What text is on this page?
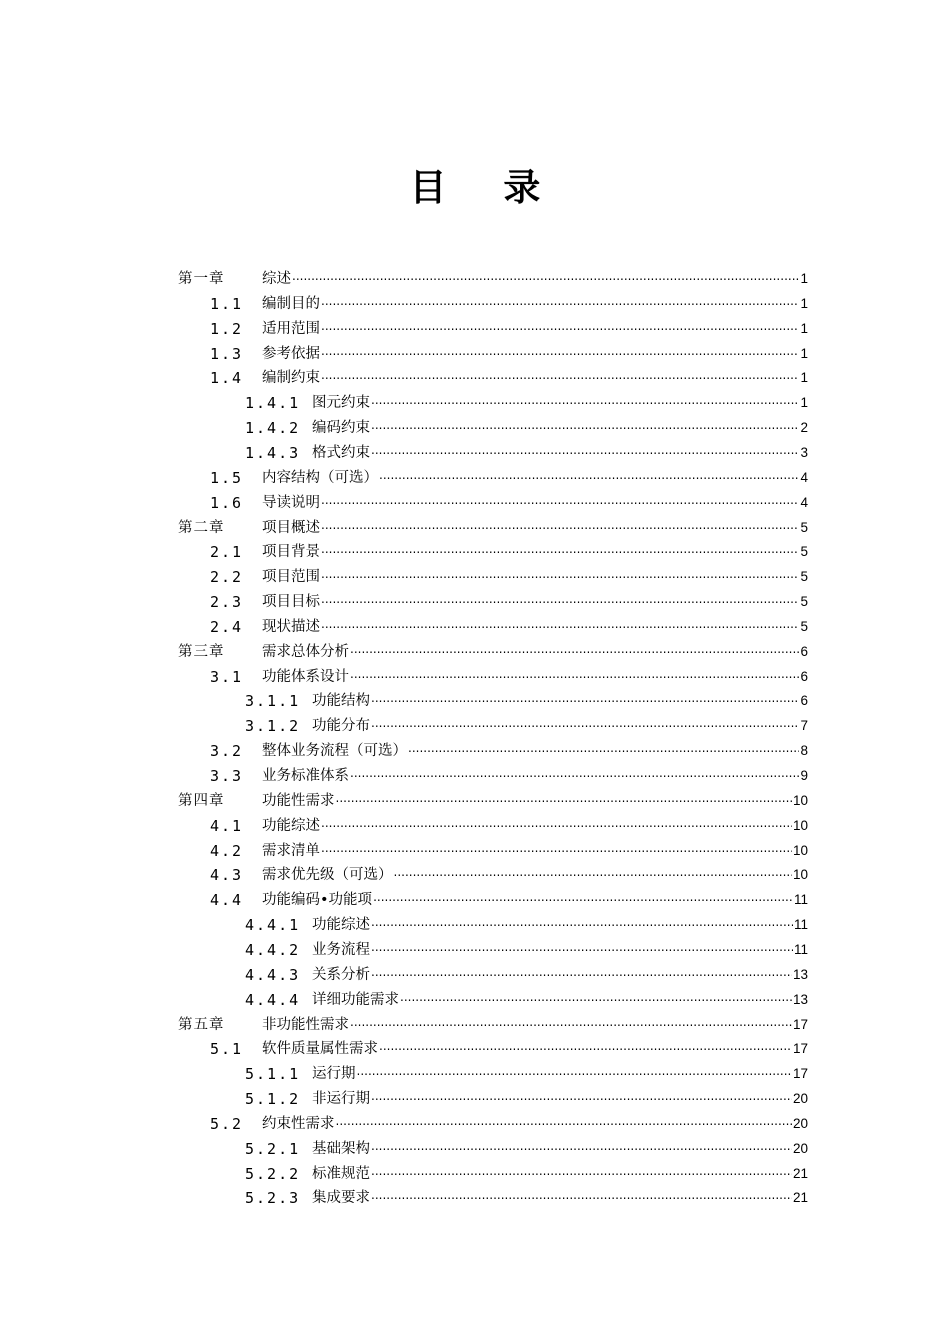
目 录
第一章	综述 .....	1
1.1 编制目的 .....	1
1.2 适用范围 .....	1
1.3 参考依据 .....	1
1.4 编制约束 .....	1
1.4.1 图元约束 .....	1
1.4.2 编码约束 .....	2
1.4.3 格式约束 .....	3
1.5 内容结构（可选） .....	4
1.6 导读说明 .....	4
第二章	项目概述 .....	5
2.1 项目背景 .....	5
2.2 项目范围 .....	5
2.3 项目目标 .....	5
2.4 现状描述 .....	5
第三章	需求总体分析 .....	6
3.1 功能体系设计 .....	6
3.1.1 功能结构 .....	6
3.1.2 功能分布 .....	7
3.2 整体业务流程（可选） .....	8
3.3 业务标准体系 .....	9
第四章	功能性需求 .....	10
4.1 功能综述 .....	10
4.2 需求清单 .....	10
4.3 需求优先级（可选） .....	10
4.4 功能编码•功能项 .....	11
4.4.1 功能综述 .....	11
4.4.2 业务流程 .....	11
4.4.3 关系分析 .....	13
4.4.4 详细功能需求 .....	13
第五章	非功能性需求 .....	17
5.1 软件质量属性需求 .....	17
5.1.1 运行期 .....	17
5.1.2 非运行期 .....	20
5.2 约束性需求 .....	20
5.2.1 基础架构 .....	20
5.2.2 标准规范 .....	21
5.2.3 集成要求 .....	21
